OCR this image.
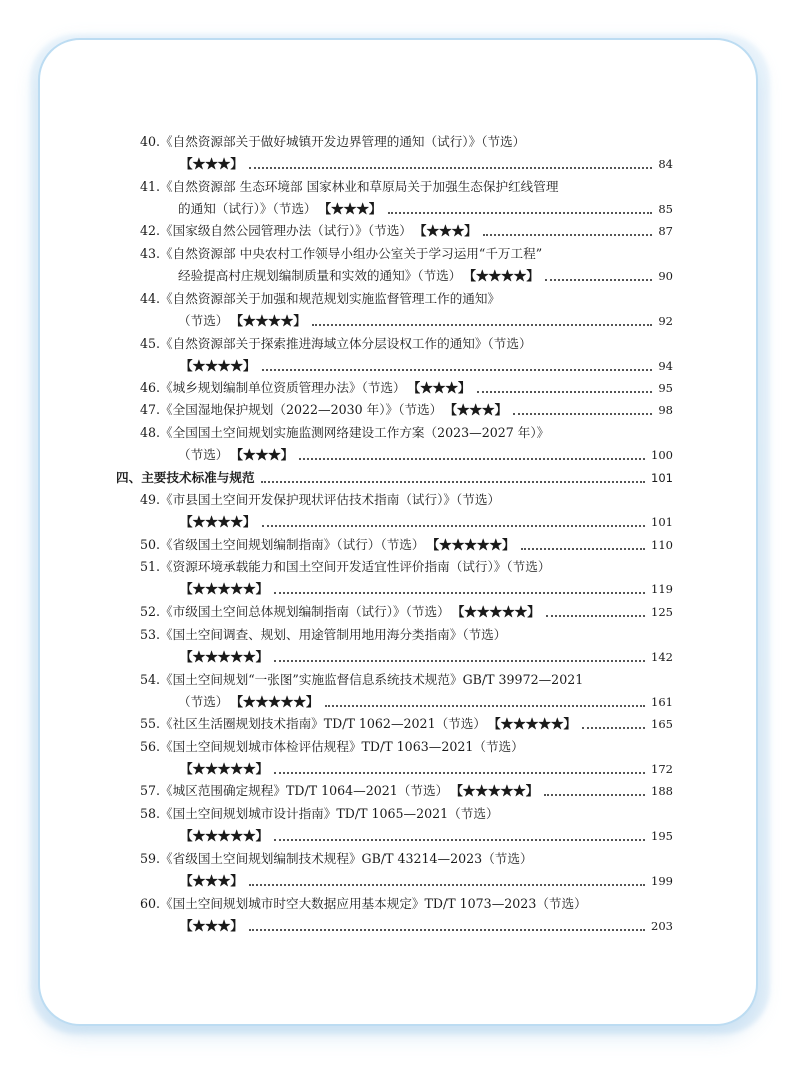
40. 《自然资源部关于做好城镇开发边界管理的通知（试行）》（节选）
【★★★】	84
41. 《自然资源部 生态环境部 国家林业和草原局关于加强生态保护红线管理
的通知（试行）》（节选） 【★★★】	85
42. 《国家级自然公园管理办法（试行）》（节选） 【★★★】	87
43. 《自然资源部 中央农村工作领导小组办公室关于学习运用“千万工程”
经验提高村庄规划编制质量和实效的通知》（节选） 【★★★★】	90
44. 《自然资源部关于加强和规范规划实施监督管理工作的通知》
（节选） 【★★★★】	92
45. 《自然资源部关于探索推进海域立体分层设权工作的通知》（节选）
【★★★★】	94
46. 《城乡规划编制单位资质管理办法》（节选） 【★★★】	95
47. 《全国湿地保护规划（2022—2030 年）》（节选） 【★★★】	98
48. 《全国国土空间规划实施监测网络建设工作方案（2023—2027 年）》
（节选） 【★★★】	100
四、主要技术标准与规范	101
49. 《市县国土空间开发保护现状评估技术指南（试行）》（节选）
【★★★★】	101
50. 《省级国土空间规划编制指南》（试行）（节选） 【★★★★★】	110
51. 《资源环境承载能力和国土空间开发适宜性评价指南（试行）》（节选）
【★★★★★】	119
52. 《市级国土空间总体规划编制指南（试行）》（节选） 【★★★★★】	125
53. 《国土空间调查、规划、用途管制用地用海分类指南》（节选）
【★★★★★】	142
54. 《国土空间规划“一张图”实施监督信息系统技术规范》GB/T 39972—2021
（节选） 【★★★★★】	161
55. 《社区生活圈规划技术指南》TD/T 1062—2021（节选） 【★★★★★】	165
56. 《国土空间规划城市体检评估规程》TD/T 1063—2021（节选）
【★★★★★】	172
57. 《城区范围确定规程》TD/T 1064—2021（节选） 【★★★★★】	188
58. 《国土空间规划城市设计指南》TD/T 1065—2021（节选）
【★★★★★】	195
59. 《省级国土空间规划编制技术规程》GB/T 43214—2023（节选）
【★★★】	199
60. 《国土空间规划城市时空大数据应用基本规定》TD/T 1073—2023（节选）
【★★★】	203
